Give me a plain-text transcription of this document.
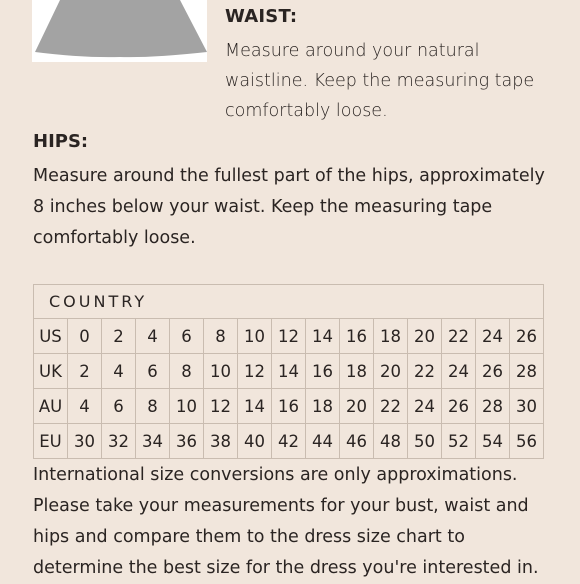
WAIST:
Measure around your natural waistline. Keep the measuring tape comfortably loose.
HIPS:
Measure around the fullest part of the hips, approximately 8 inches below your waist. Keep the measuring tape comfortably loose.
COUNTRY														
US	0	2	4	6	8	10	12	14	16	18	20	22	24	26
UK	2	4	6	8	10	12	14	16	18	20	22	24	26	28
AU	4	6	8	10	12	14	16	18	20	22	24	26	28	30
EU	30	32	34	36	38	40	42	44	46	48	50	52	54	56
International size conversions are only approximations. Please take your measurements for your bust, waist and hips and compare them to the dress size chart to determine the best size for the dress you're interested in.
